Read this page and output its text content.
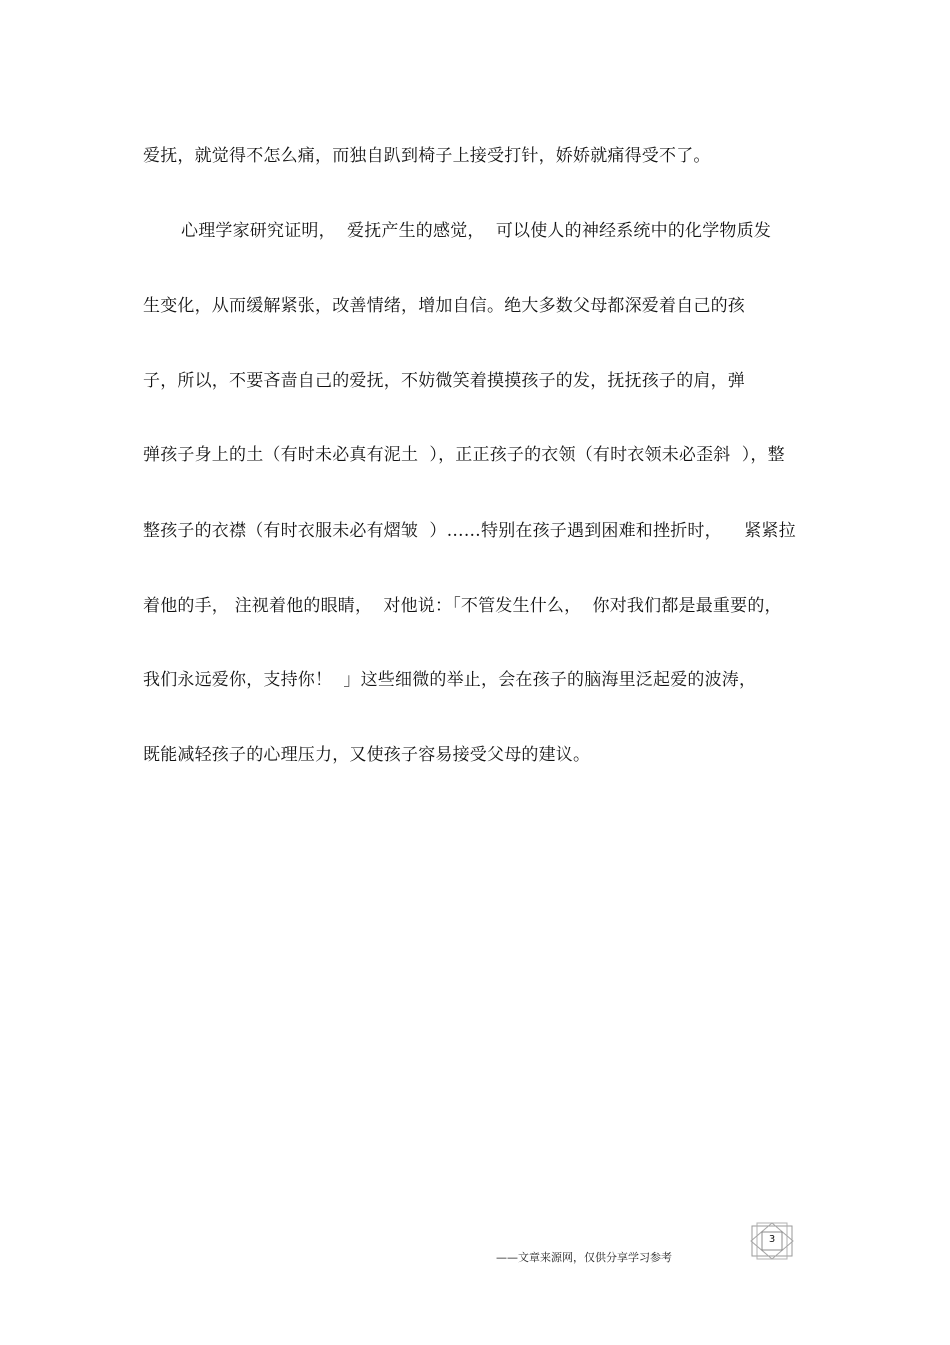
爱抚，就觉得不怎么痛，而独自趴到椅子上接受打针，娇娇就痛得受不了。
心理学家研究证明，  爱抚产生的感觉，  可以使人的神经系统中的化学物质发
生变化，从而缓解紧张，改善情绪，增加自信。绝大多数父母都深爱着自己的孩
子，所以，不要吝啬自己的爱抚，不妨微笑着摸摸孩子的发，抚抚孩子的肩，弹
弹孩子身上的土（有时未必真有泥土  ），正正孩子的衣领（有时衣领未必歪斜  ），整
整孩子的衣襟（有时衣服未必有熠皱  ）……特别在孩子遇到困难和挫折时，    紧紧拉
着他的手， 注视着他的眼睛，  对他说：「不管发生什么，  你对我们都是最重要的，
我们永远爱你，支持你！  」这些细微的举止，会在孩子的脑海里泛起爱的波涛，
既能减轻孩子的心理压力，又使孩子容易接受父母的建议。
——文章来源网，仅供分享学习参考
3
